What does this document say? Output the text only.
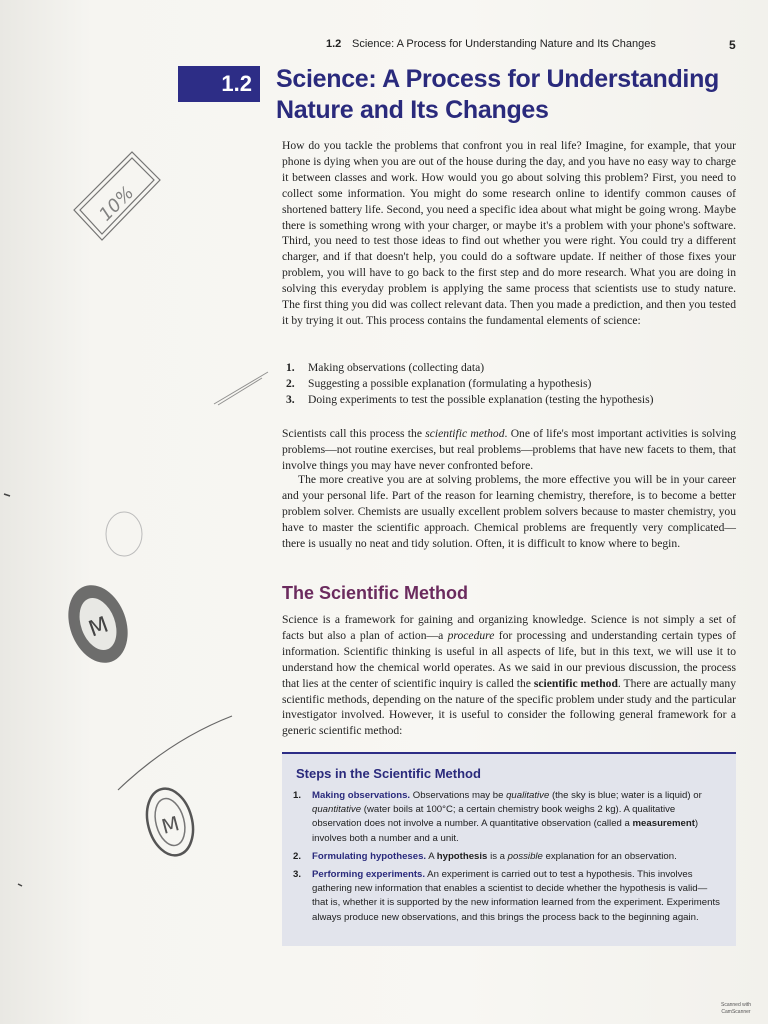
10%
M
M
1.2 Science: A Process for Understanding Nature and Its Changes	5
1.2 Science: A Process for Understanding
Nature and Its Changes
How do you tackle the problems that confront you in real life? Imagine, for example, that your phone is dying when you are out of the house during the day, and you have no easy way to charge it between classes and work. How would you go about solving this problem? First, you need to collect some information. You might do some research online to identify common causes of shortened battery life. Second, you need a specific idea about what might be going wrong. Maybe there is something wrong with your charger, or maybe it's a problem with your phone's software. Third, you need to test those ideas to find out whether you were right. You could try a different charger, and if that doesn't help, you could do a software update. If neither of those fixes your problem, you will have to go back to the first step and do more research. What you are doing in solving this everyday problem is applying the same process that scientists use to study nature. The first thing you did was collect relevant data. Then you made a prediction, and then you tested it by trying it out. This process contains the fundamental elements of science:
1.	Making observations (collecting data)
2.	Suggesting a possible explanation (formulating a hypothesis)
3.	Doing experiments to test the possible explanation (testing the hypothesis)

Scientists call this process the scientific method. One of life's most important activities is solving problems—not routine exercises, but real problems—problems that have new facets to them, that involve things you may have never confronted before.

The more creative you are at solving problems, the more effective you will be in your career and your personal life. Part of the reason for learning chemistry, therefore, is to become a better problem solver. Chemists are usually excellent problem solvers because to master chemistry, you have to master the scientific approach. Chemical problems are frequently very complicated—there is usually no neat and tidy solution. Often, it is difficult to know where to begin.

The Scientific Method
Science is a framework for gaining and organizing knowledge. Science is not simply a set of facts but also a plan of action—a procedure for processing and understanding certain types of information. Scientific thinking is useful in all aspects of life, but in this text, we will use it to understand how the chemical world operates. As we said in our previous discussion, the process that lies at the center of scientific inquiry is called the scientific method. There are actually many scientific methods, depending on the nature of the specific problem under study and the particular investigator involved. However, it is useful to consider the following general framework for a generic scientific method:
Steps in the Scientific Method
1.	Making observations. Observations may be qualitative (the sky is blue; water is a liquid) or quantitative (water boils at 100°C; a certain chemistry book weighs 2 kg). A qualitative observation does not involve a number. A quantitative observation (called a measurement) involves both a number and a unit.
2.	Formulating hypotheses. A hypothesis is a possible explanation for an observation.
3.	Performing experiments. An experiment is carried out to test a hypothesis. This involves gathering new information that enables a scientist to decide whether the hypothesis is valid—that is, whether it is supported by the new information learned from the experiment. Experiments always produce new observations, and this brings the process back to the beginning again.
Scanned with CamScanner
